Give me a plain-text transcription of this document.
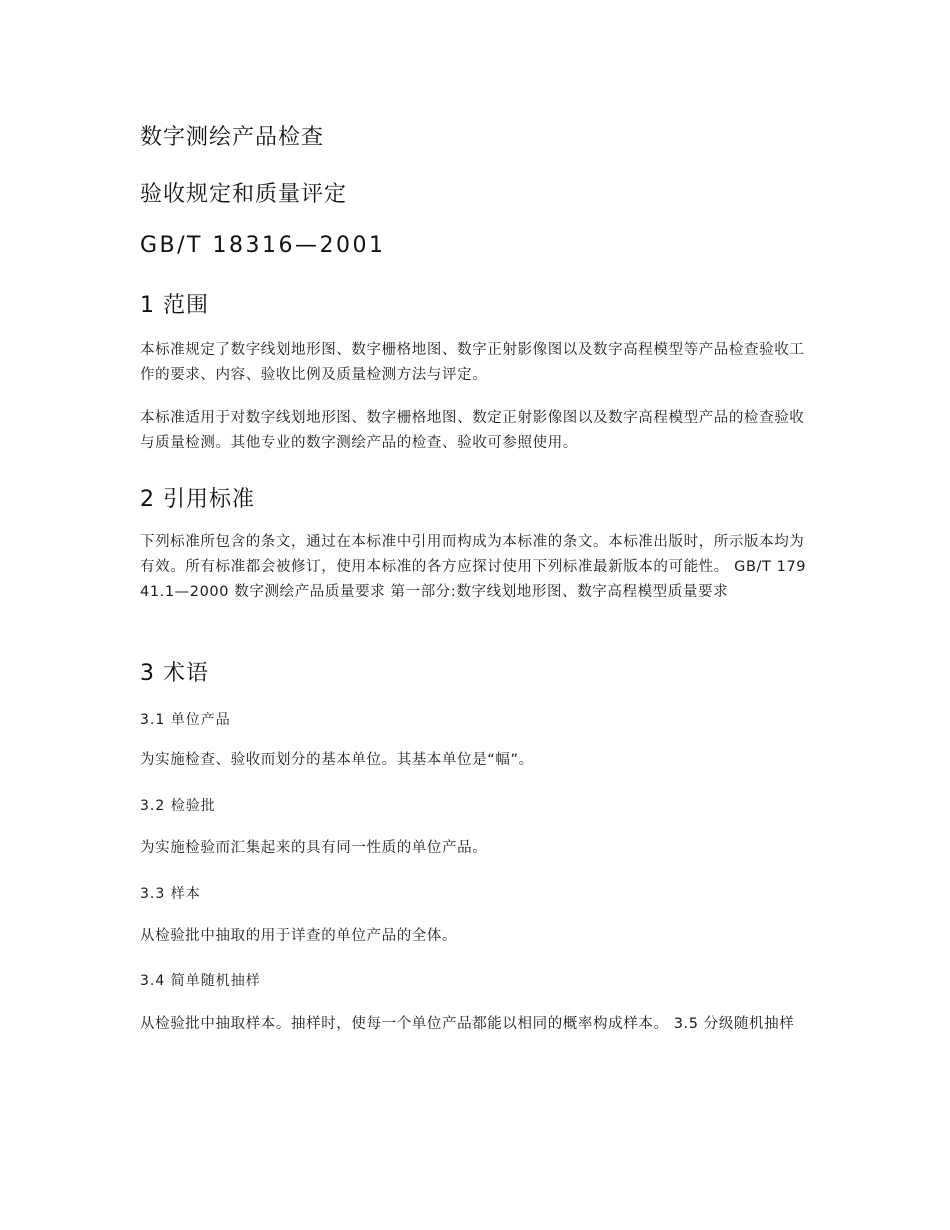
数字测绘产品检查
验收规定和质量评定
GB/T 18316—2001
1 范围
本标准规定了数字线划地形图、数字栅格地图、数字正射影像图以及数字高程模型等产品检查验收工作的要求、内容、验收比例及质量检测方法与评定。
本标准适用于对数字线划地形图、数字栅格地图、数定正射影像图以及数字高程模型产品的检查验收与质量检测。其他专业的数字测绘产品的检查、验收可参照使用。
2 引用标准
下列标准所包含的条文，通过在本标准中引用而构成为本标准的条文。本标准出版时，所示版本均为有效。所有标准都会被修订，使用本标准的各方应探讨使用下列标准最新版本的可能性。 GB/T 17941.1—2000 数字测绘产品质量要求 第一部分:数字线划地形图、数字高程模型质量要求
3 术语
3.1 单位产品
为实施检查、验收而划分的基本单位。其基本单位是“幅”。
3.2 检验批
为实施检验而汇集起来的具有同一性质的单位产品。
3.3 样本
从检验批中抽取的用于详查的单位产品的全体。
3.4 简单随机抽样
从检验批中抽取样本。抽样时，使每一个单位产品都能以相同的概率构成样本。 3.5 分级随机抽样
